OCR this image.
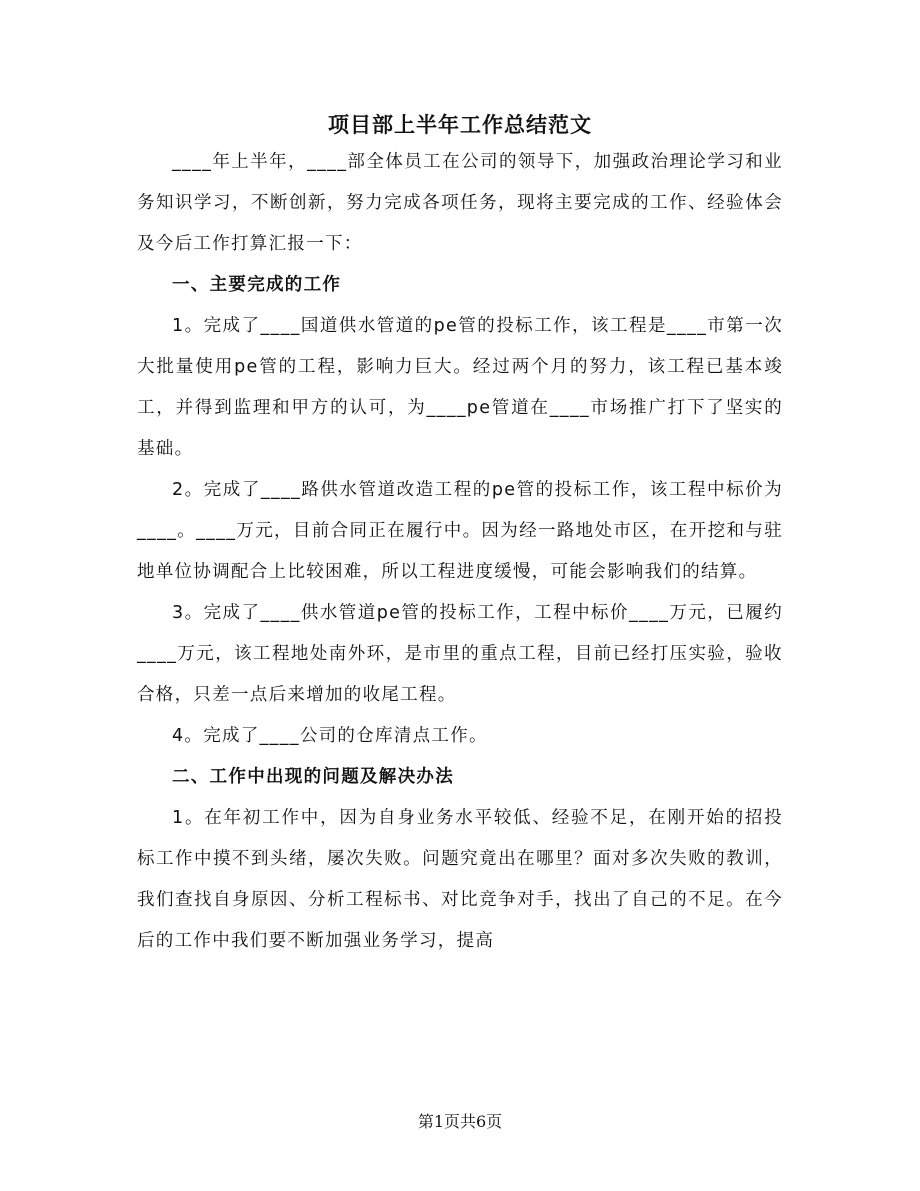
项目部上半年工作总结范文

____年上半年，____部全体员工在公司的领导下，加强政治理论学习和业务知识学习，不断创新，努力完成各项任务，现将主要完成的工作、经验体会及今后工作打算汇报一下：

一、主要完成的工作

1。完成了____国道供水管道的pe管的投标工作，该工程是____市第一次大批量使用pe管的工程，影响力巨大。经过两个月的努力，该工程已基本竣工，并得到监理和甲方的认可，为____pe管道在____市场推广打下了坚实的基础。

2。完成了____路供水管道改造工程的pe管的投标工作，该工程中标价为____。____万元，目前合同正在履行中。因为经一路地处市区，在开挖和与驻地单位协调配合上比较困难，所以工程进度缓慢，可能会影响我们的结算。

3。完成了____供水管道pe管的投标工作，工程中标价____万元，已履约____万元，该工程地处南外环，是市里的重点工程，目前已经打压实验，验收合格，只差一点后来增加的收尾工程。

4。完成了____公司的仓库清点工作。

二、工作中出现的问题及解决办法

1。在年初工作中，因为自身业务水平较低、经验不足，在刚开始的招投标工作中摸不到头绪，屡次失败。问题究竟出在哪里？面对多次失败的教训，我们查找自身原因、分析工程标书、对比竞争对手，找出了自己的不足。在今后的工作中我们要不断加强业务学习，提高

第1页共6页
